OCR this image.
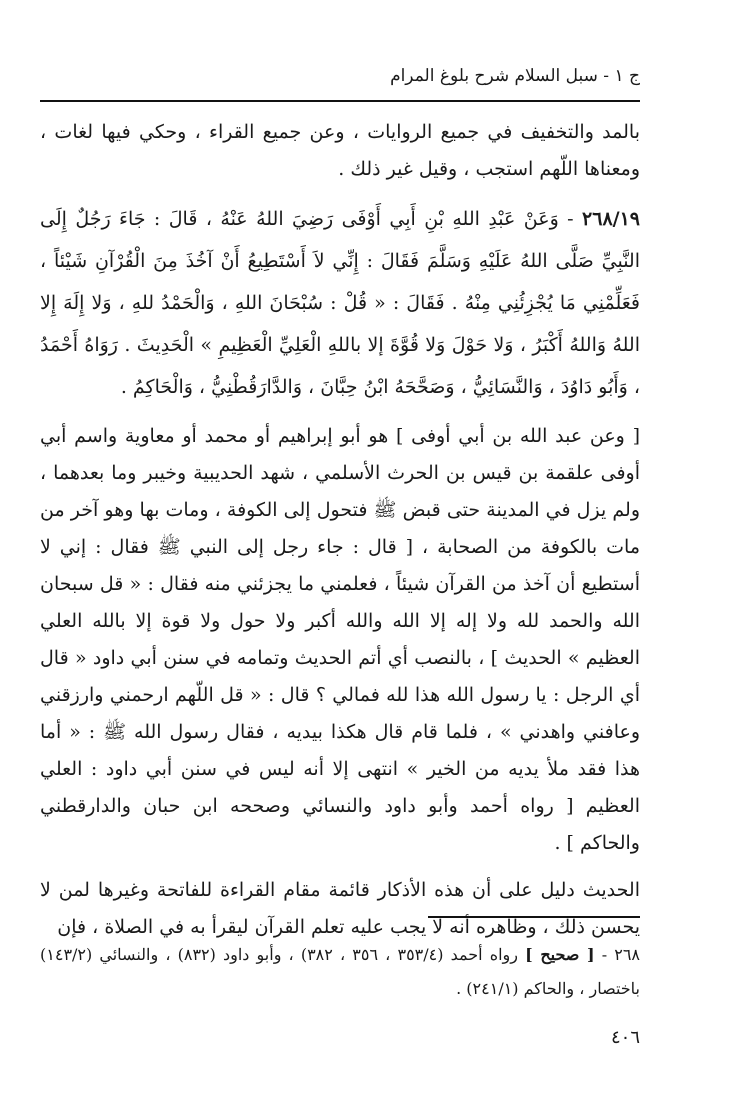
ج ١ - سبل السلام شرح بلوغ المرام

بالمد والتخفيف في جميع الروايات ، وعن جميع القراء ، وحكي فيها لغات ، ومعناها اللّهم استجب ، وقيل غير ذلك .

٢٦٨/١٩ - وَعَنْ عَبْدِ اللهِ بْنِ أَبِي أَوْفَى رَضِيَ اللهُ عَنْهُ ، قَالَ : جَاءَ رَجُلٌ إِلَى النَّبِيِّ صَلَّى اللهُ عَلَيْهِ وَسَلَّمَ فَقَالَ : إِنِّي لاَ أَسْتَطِيعُ أَنْ آخُذَ مِنَ الْقُرْآنِ شَيْئاً ، فَعَلِّمْنِي مَا يُجْزِئُنِي مِنْهُ . فَقَالَ : « قُلْ : سُبْحَانَ اللهِ ، وَالْحَمْدُ للهِ ، وَلا إِلَهَ إِلا اللهُ وَاللهُ أَكْبَرُ ، وَلا حَوْلَ وَلا قُوَّةَ إلا باللهِ الْعَلِيِّ الْعَظِيمِ » الْحَدِيثَ . رَوَاهُ أَحْمَدُ ، وَأَبُو دَاوُدَ ، وَالنَّسَائِيُّ ، وَصَحَّحَهُ ابْنُ حِبَّانَ ، وَالدَّارَقُطْنِيُّ ، وَالْحَاكِمُ .

[ وعن عبد الله بن أبي أوفى ] هو أبو إبراهيم أو محمد أو معاوية واسم أبي أوفى علقمة بن قيس بن الحرث الأسلمي ، شهد الحديبية وخيبر وما بعدهما ، ولم يزل في المدينة حتى قبض ﷺ فتحول إلى الكوفة ، ومات بها وهو آخر من مات بالكوفة من الصحابة ، [ قال : جاء رجل إلى النبي ﷺ فقال : إني لا أستطيع أن آخذ من القرآن شيئاً ، فعلمني ما يجزئني منه فقال : « قل سبحان الله والحمد لله ولا إله إلا الله والله أكبر ولا حول ولا قوة إلا بالله العلي العظيم » الحديث ] ، بالنصب أي أتم الحديث وتمامه في سنن أبي داود « قال أي الرجل : يا رسول الله هذا لله فمالي ؟ قال : « قل اللّهم ارحمني وارزقني وعافني واهدني » ، فلما قام قال هكذا بيديه ، فقال رسول الله ﷺ : « أما هذا فقد ملأ يديه من الخير » انتهى إلا أنه ليس في سنن أبي داود : العلي العظيم [ رواه أحمد وأبو داود والنسائي وصححه ابن حبان والدارقطني والحاكم ] .

الحديث دليل على أن هذه الأذكار قائمة مقام القراءة للفاتحة وغيرها لمن لا يحسن ذلك ، وظاهره أنه لا يجب عليه تعلم القرآن ليقرأ به في الصلاة ، فإن

٢٦٨ - [ صحيح ] رواه أحمد (٣٥٣/٤ ، ٣٥٦ ، ٣٨٢) ، وأبو داود (٨٣٢) ، والنسائي (١٤٣/٢) باختصار ، والحاكم (٢٤١/١) .

٤٠٦
